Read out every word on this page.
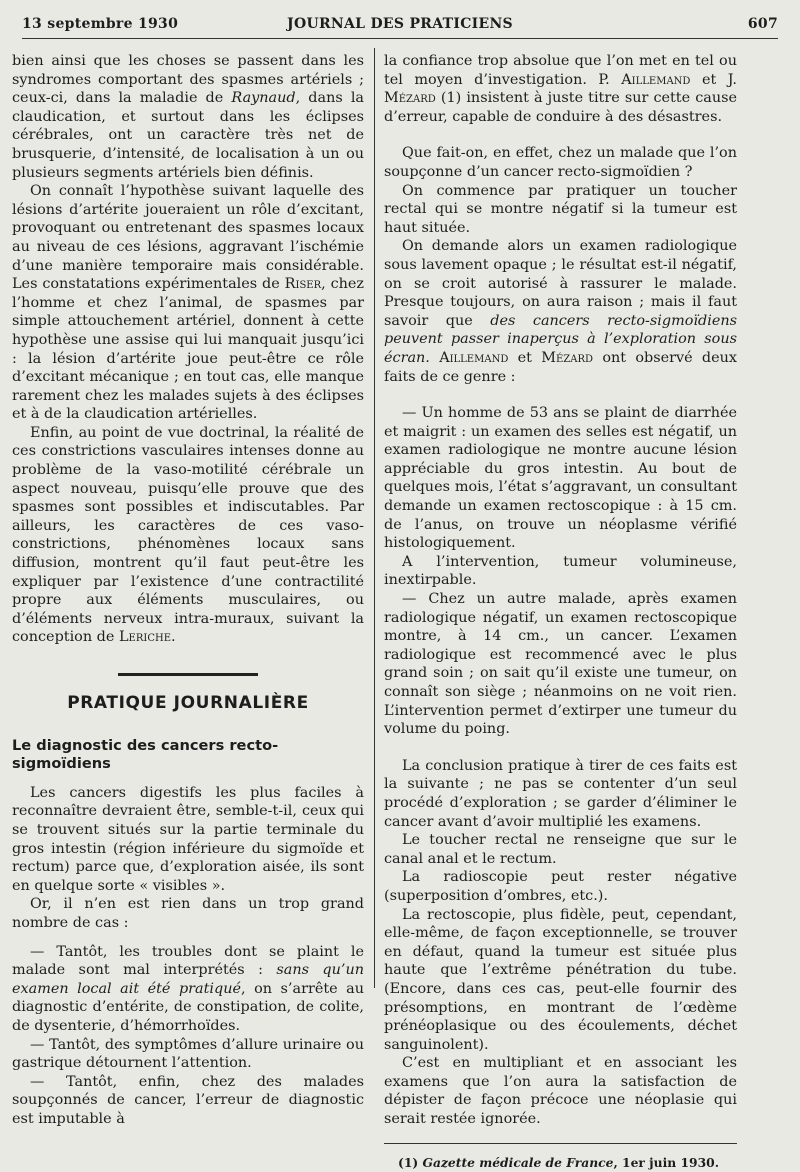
13 septembre 1930	JOURNAL DES PRATICIENS	607

bien ainsi que les choses se passent dans les syndromes comportant des spasmes artériels ; ceux-ci, dans la maladie de Raynaud, dans la claudication, et surtout dans les éclipses cérébrales, ont un caractère très net de brusquerie, d’intensité, de localisation à un ou plusieurs segments artériels bien définis.

On connaît l’hypothèse suivant laquelle des lésions d’artérite joueraient un rôle d’excitant, provoquant ou entretenant des spasmes locaux au niveau de ces lésions, aggravant l’ischémie d’une manière temporaire mais considérable. Les constatations expérimentales de Riser, chez l’homme et chez l’animal, de spasmes par simple attouchement artériel, donnent à cette hypothèse une assise qui lui manquait jusqu’ici : la lésion d’artérite joue peut-être ce rôle d’excitant mécanique ; en tout cas, elle manque rarement chez les malades sujets à des éclipses et à de la claudication artérielles.

Enfin, au point de vue doctrinal, la réalité de ces constrictions vasculaires intenses donne au problème de la vaso-motilité cérébrale un aspect nouveau, puisqu’elle prouve que des spasmes sont possibles et indiscutables. Par ailleurs, les caractères de ces vaso-constrictions, phénomènes locaux sans diffusion, montrent qu’il faut peut-être les expliquer par l’existence d’une contractilité propre aux éléments musculaires, ou d’éléments nerveux intra-muraux, suivant la conception de Leriche.

PRATIQUE JOURNALIÈRE
Le diagnostic des cancers recto-sigmoïdiens

Les cancers digestifs les plus faciles à reconnaître devraient être, semble-t-il, ceux qui se trouvent situés sur la partie terminale du gros intestin (région inférieure du sigmoïde et rectum) parce que, d’exploration aisée, ils sont en quelque sorte « visibles ».

Or, il n’en est rien dans un trop grand nombre de cas :

— Tantôt, les troubles dont se plaint le malade sont mal interprétés : sans qu’un examen local ait été pratiqué, on s’arrête au diagnostic d’entérite, de constipation, de colite, de dysenterie, d’hémorrhoïdes.

— Tantôt, des symptômes d’allure urinaire ou gastrique détournent l’attention.

— Tantôt, enfin, chez des malades soupçonnés de cancer, l’erreur de diagnostic est imputable à

la confiance trop absolue que l’on met en tel ou tel moyen d’investigation. P. Aillemand et J. Mézard (1) insistent à juste titre sur cette cause d’erreur, capable de conduire à des désastres.

Que fait-on, en effet, chez un malade que l’on soupçonne d’un cancer recto-sigmoïdien ?

On commence par pratiquer un toucher rectal qui se montre négatif si la tumeur est haut située.

On demande alors un examen radiologique sous lavement opaque ; le résultat est-il négatif, on se croit autorisé à rassurer le malade. Presque toujours, on aura raison ; mais il faut savoir que des cancers recto-sigmoïdiens peuvent passer inaperçus à l’exploration sous écran. Aillemand et Mézard ont observé deux faits de ce genre :

— Un homme de 53 ans se plaint de diarrhée et maigrit : un examen des selles est négatif, un examen radiologique ne montre aucune lésion appréciable du gros intestin. Au bout de quelques mois, l’état s’aggravant, un consultant demande un examen rectoscopique : à 15 cm. de l’anus, on trouve un néoplasme vérifié histologiquement.

A l’intervention, tumeur volumineuse, inextirpable.

— Chez un autre malade, après examen radiologique négatif, un examen rectoscopique montre, à 14 cm., un cancer. L’examen radiologique est recommencé avec le plus grand soin ; on sait qu’il existe une tumeur, on connaît son siège ; néanmoins on ne voit rien. L’intervention permet d’extirper une tumeur du volume du poing.

La conclusion pratique à tirer de ces faits est la suivante ; ne pas se contenter d’un seul procédé d’exploration ; se garder d’éliminer le cancer avant d’avoir multiplié les examens.

Le toucher rectal ne renseigne que sur le canal anal et le rectum.

La radioscopie peut rester négative (superposition d’ombres, etc.).

La rectoscopie, plus fidèle, peut, cependant, elle-même, de façon exceptionnelle, se trouver en défaut, quand la tumeur est située plus haute que l’extrême pénétration du tube. (Encore, dans ces cas, peut-elle fournir des présomptions, en montrant de l’œdème prénéoplasique ou des écoulements, déchet sanguinolent).

C’est en multipliant et en associant les examens que l’on aura la satisfaction de dépister de façon précoce une néoplasie qui serait restée ignorée.

(1) Gazette médicale de France, 1er juin 1930.
